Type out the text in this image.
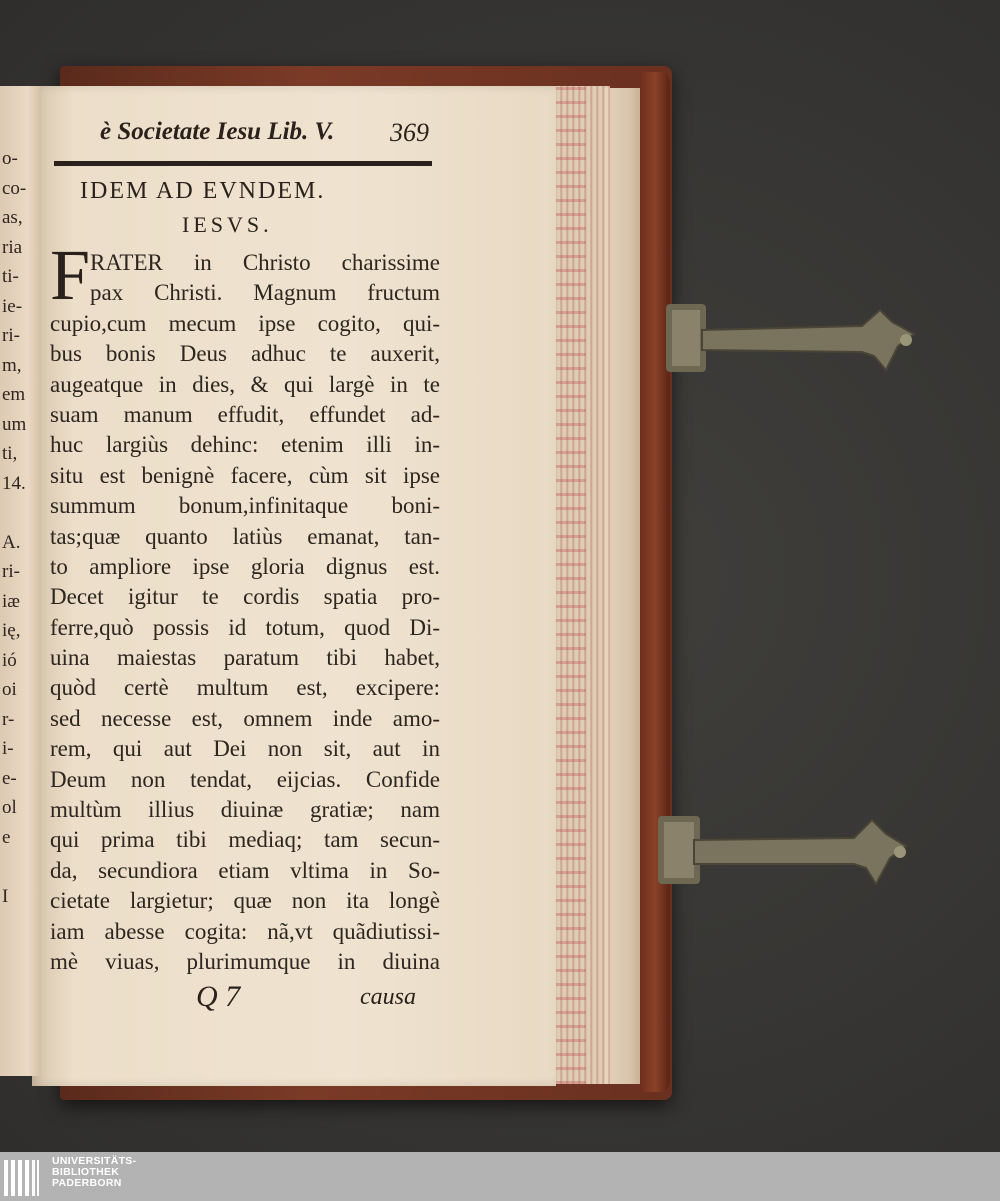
o-
co-
as,
ria
ti-
ie-
ri-
m,
em
um
ti,
14.
A.
ri-
iæ
ię,
ió
oi
r-
i-
e-
ol
e
I
è Societate Iesu Lib. V.	369
IDEM AD EVNDEM.
IESVS.
F RATER in Christo charissime
pax Christi. Magnum fructum
cupio,cum mecum ipse cogito, qui-
bus bonis Deus adhuc te auxerit,
augeatque in dies, & qui largè in te
suam manum effudit, effundet ad-
huc largiùs dehinc: etenim illi in-
situ est benignè facere, cùm sit ipse
summum bonum,infinitaque boni-
tas;quæ quanto latiùs emanat, tan-
to ampliore ipse gloria dignus est.
Decet igitur te cordis spatia pro-
ferre,quò possis id totum, quod Di-
uina maiestas paratum tibi habet,
quòd certè multum est, excipere:
sed necesse est, omnem inde amo-
rem, qui aut Dei non sit, aut in
Deum non tendat, eijcias. Confide
multùm illius diuinæ gratiæ; nam
qui prima tibi mediaq; tam secun-
da, secundiora etiam vltima in So-
cietate largietur; quæ non ita longè
iam abesse cogita: nã,vt quãdiutissi-
mè viuas, plurimumque in diuina
Q 7	causa
UNIVERSITÄTS-
BIBLIOTHEK
PADERBORN
